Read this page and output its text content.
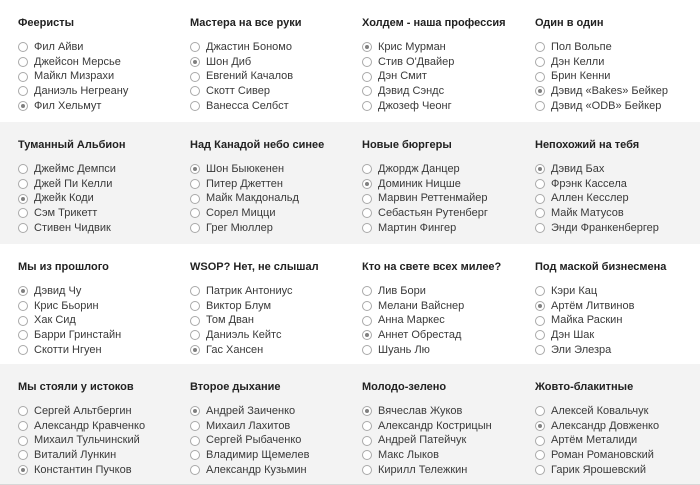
Фееристы
Фил Айви
Джейсон Мерсье
Майкл Мизрахи
Даниэль Негреану
Фил Хельмут
Мастера на все руки
Джастин Бономо
Шон Диб
Евгений Качалов
Скотт Сивер
Ванесса Селбст
Холдем - наша профессия
Крис Мурман
Стив О'Двайер
Дэн Смит
Дэвид Сэндс
Джозеф Чеонг
Один в один
Пол Вольпе
Дэн Келли
Брин Кенни
Дэвид «Bakes» Бейкер
Дэвид «ODB» Бейкер
Туманный Альбион
Джеймс Демпси
Джей Пи Келли
Джейк Коди
Сэм Трикетт
Стивен Чидвик
Над Канадой небо синее
Шон Быюкенен
Питер Джеттен
Майк Макдональд
Сорел Мицци
Грег Мюллер
Новые бюргеры
Джордж Данцер
Доминик Ницше
Марвин Реттенмайер
Себастьян Рутенберг
Мартин Фингер
Непохожий на тебя
Дэвид Бах
Фрэнк Кассела
Аллен Кесслер
Майк Матусов
Энди Франкенбергер
Мы из прошлого
Дэвид Чу
Крис Бьорин
Хак Сид
Барри Гринстайн
Скотти Нгуен
WSOP? Нет, не слышал
Патрик Антониус
Виктор Блум
Том Дван
Даниэль Кейтс
Гас Хансен
Кто на свете всех милее?
Лив Бори
Мелани Вайснер
Анна Маркес
Аннет Обрестад
Шуань Лю
Под маской бизнесмена
Кэри Кац
Артём Литвинов
Майка Раскин
Дэн Шак
Эли Элезра
Мы стояли у истоков
Сергей Альтбергин
Александр Кравченко
Михаил Тульчинский
Виталий Лункин
Константин Пучков
Второе дыхание
Андрей Заиченко
Михаил Лахитов
Сергей Рыбаченко
Владимир Щемелев
Александр Кузьмин
Молодо-зелено
Вячеслав Жуков
Александр Кострицын
Андрей Патейчук
Макс Лыков
Кирилл Тележкин
Жовто-блакитные
Алексей Ковальчук
Александр Довженко
Артём Металиди
Роман Романовский
Гарик Ярошевский
